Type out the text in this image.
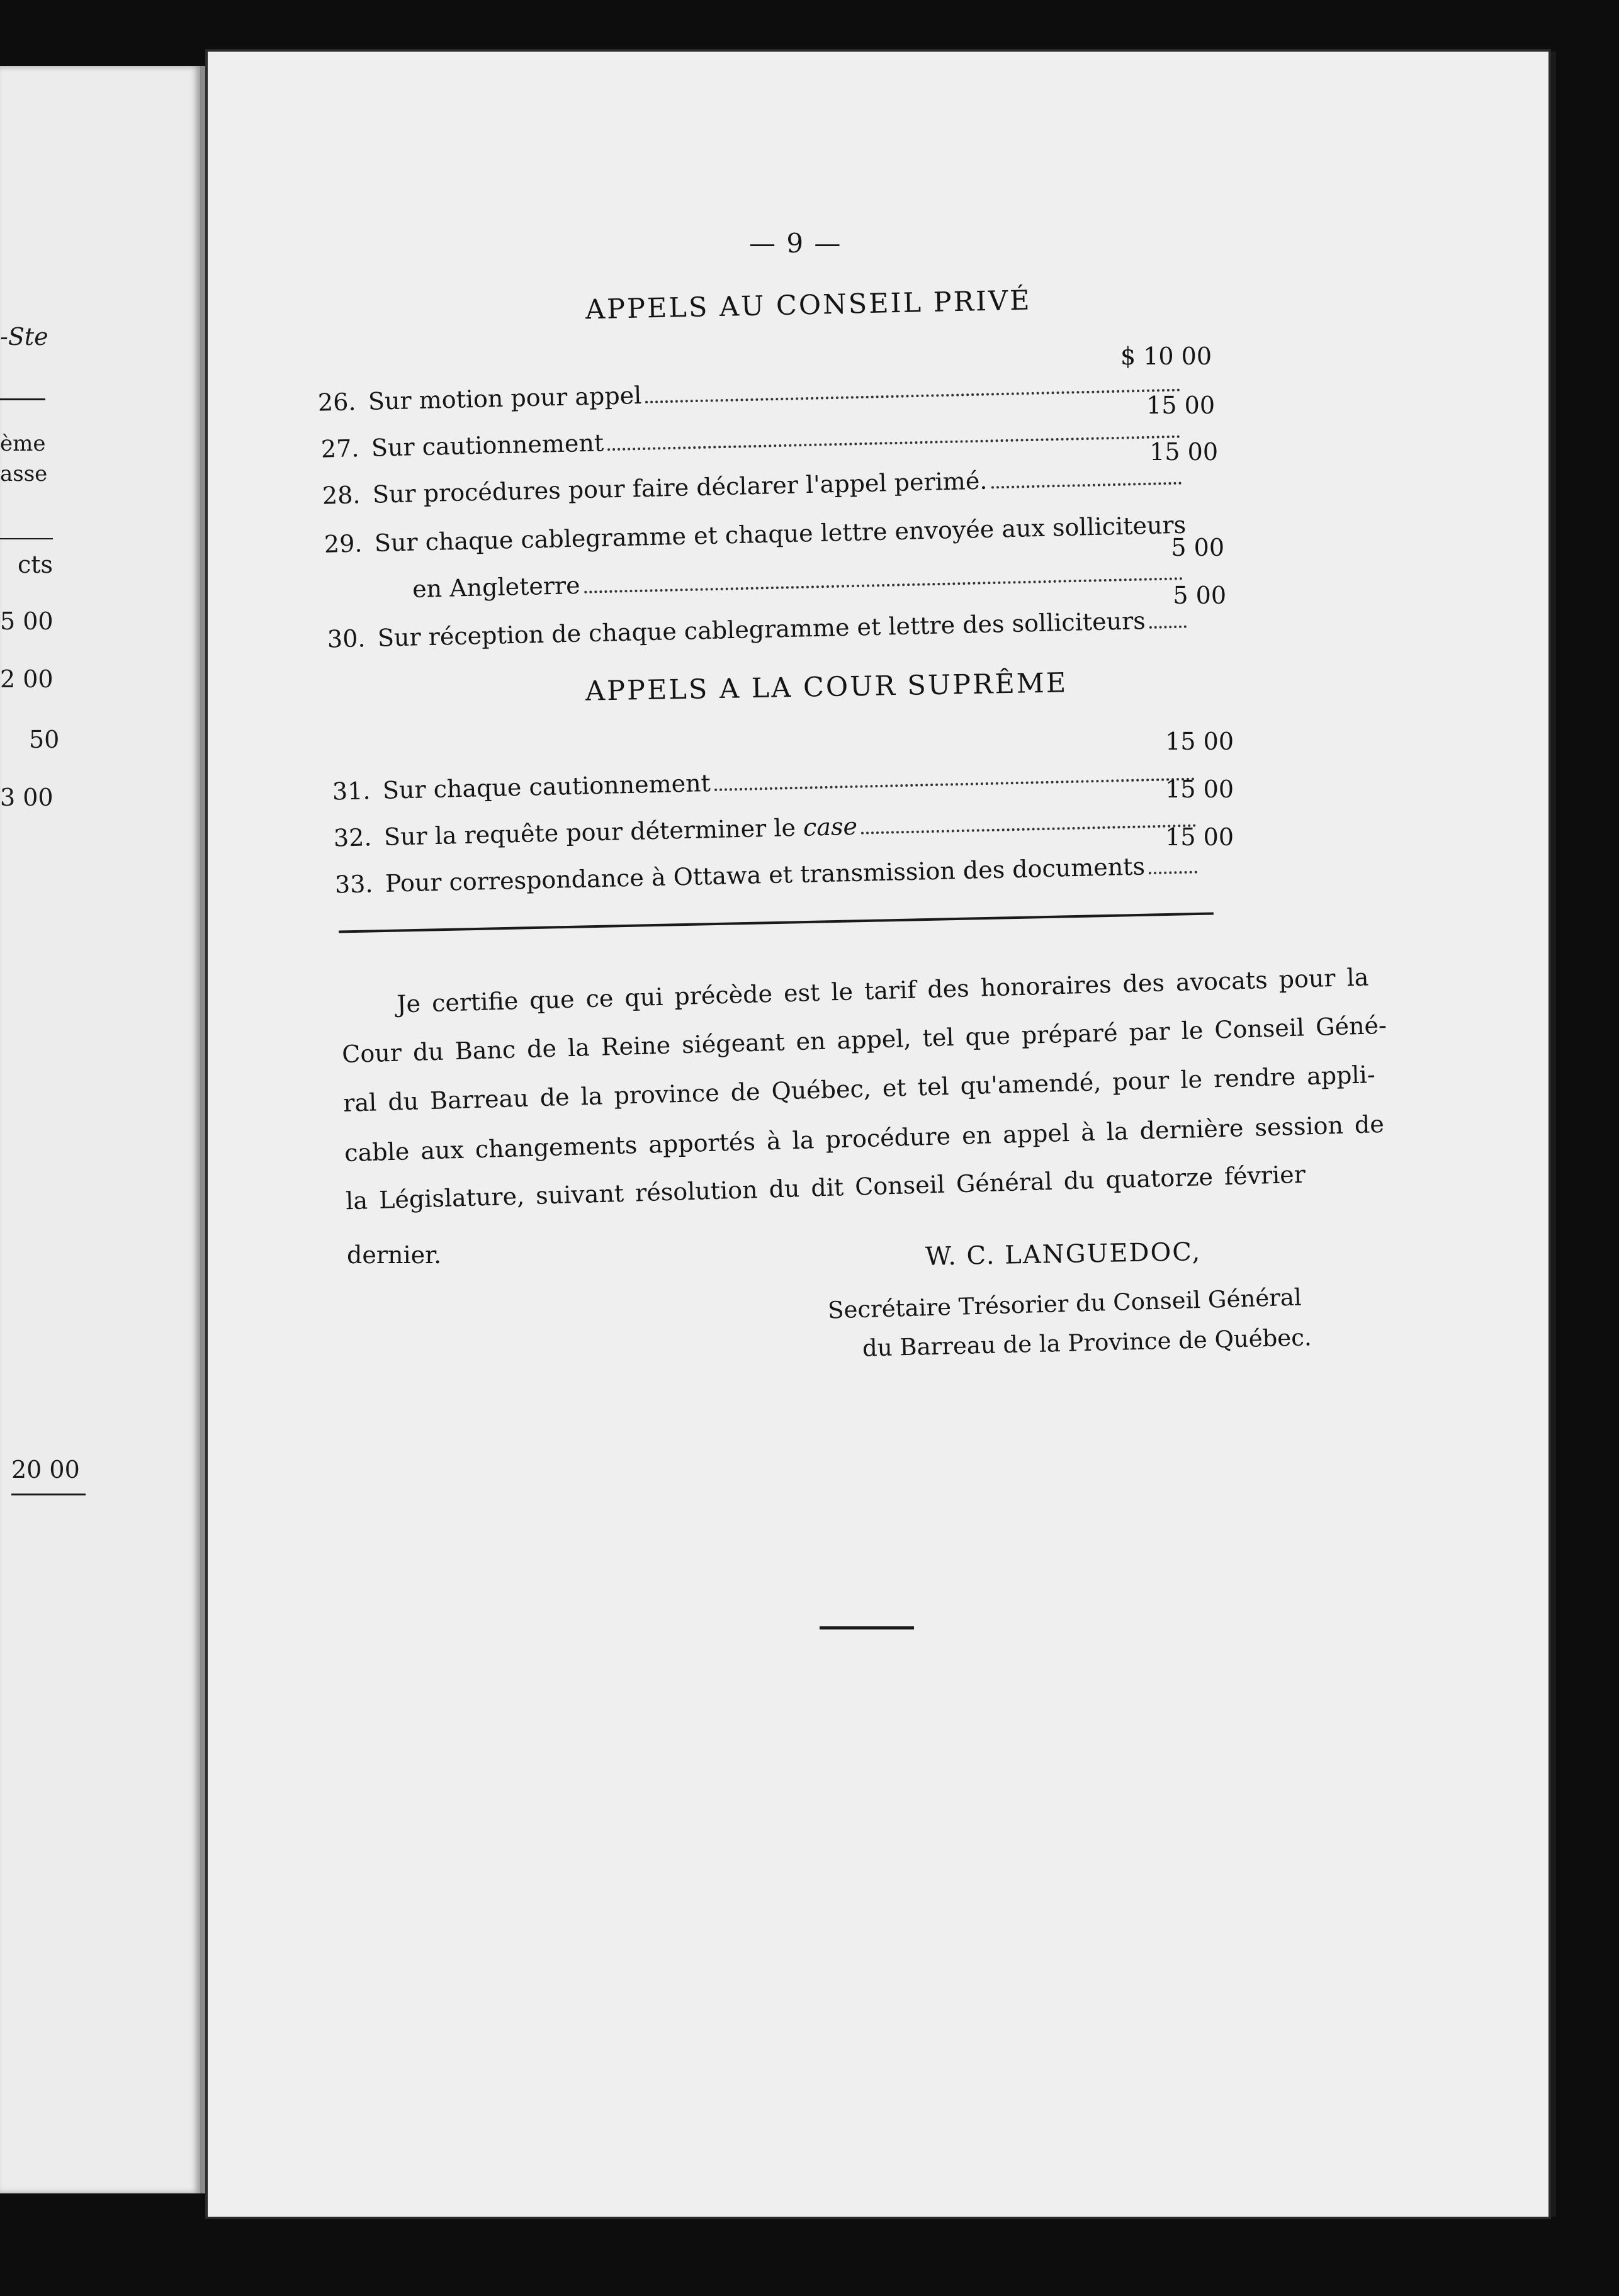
-Ste
ème
asse
cts
5 00
2 00
50
3 00
20 00
— 9 —
APPELS AU CONSEIL PRIVÉ
26. Sur motion pour appel
$ 10 00
27. Sur cautionnement
15 00
28. Sur procédures pour faire déclarer l'appel perimé.
15 00
29. Sur chaque cablegramme et chaque lettre envoyée aux solliciteurs
en Angleterre
5 00
30. Sur réception de chaque cablegramme et lettre des solliciteurs
5 00
APPELS A LA COUR SUPRÊME
31. Sur chaque cautionnement
15 00
32. Sur la requête pour déterminer le case
15 00
33. Pour correspondance à Ottawa et transmission des documents
15 00
Je certifie que ce qui précède est le tarif des honoraires des avocats pour la
Cour du Banc de la Reine siégeant en appel, tel que préparé par le Conseil Géné-
ral du Barreau de la province de Québec, et tel qu'amendé, pour le rendre appli-
cable aux changements apportés à la procédure en appel à la dernière session de
la Législature, suivant résolution du dit Conseil Général du quatorze février
dernier.	W. C. LANGUEDOC,
Secrétaire Trésorier du Conseil Général
du Barreau de la Province de Québec.
